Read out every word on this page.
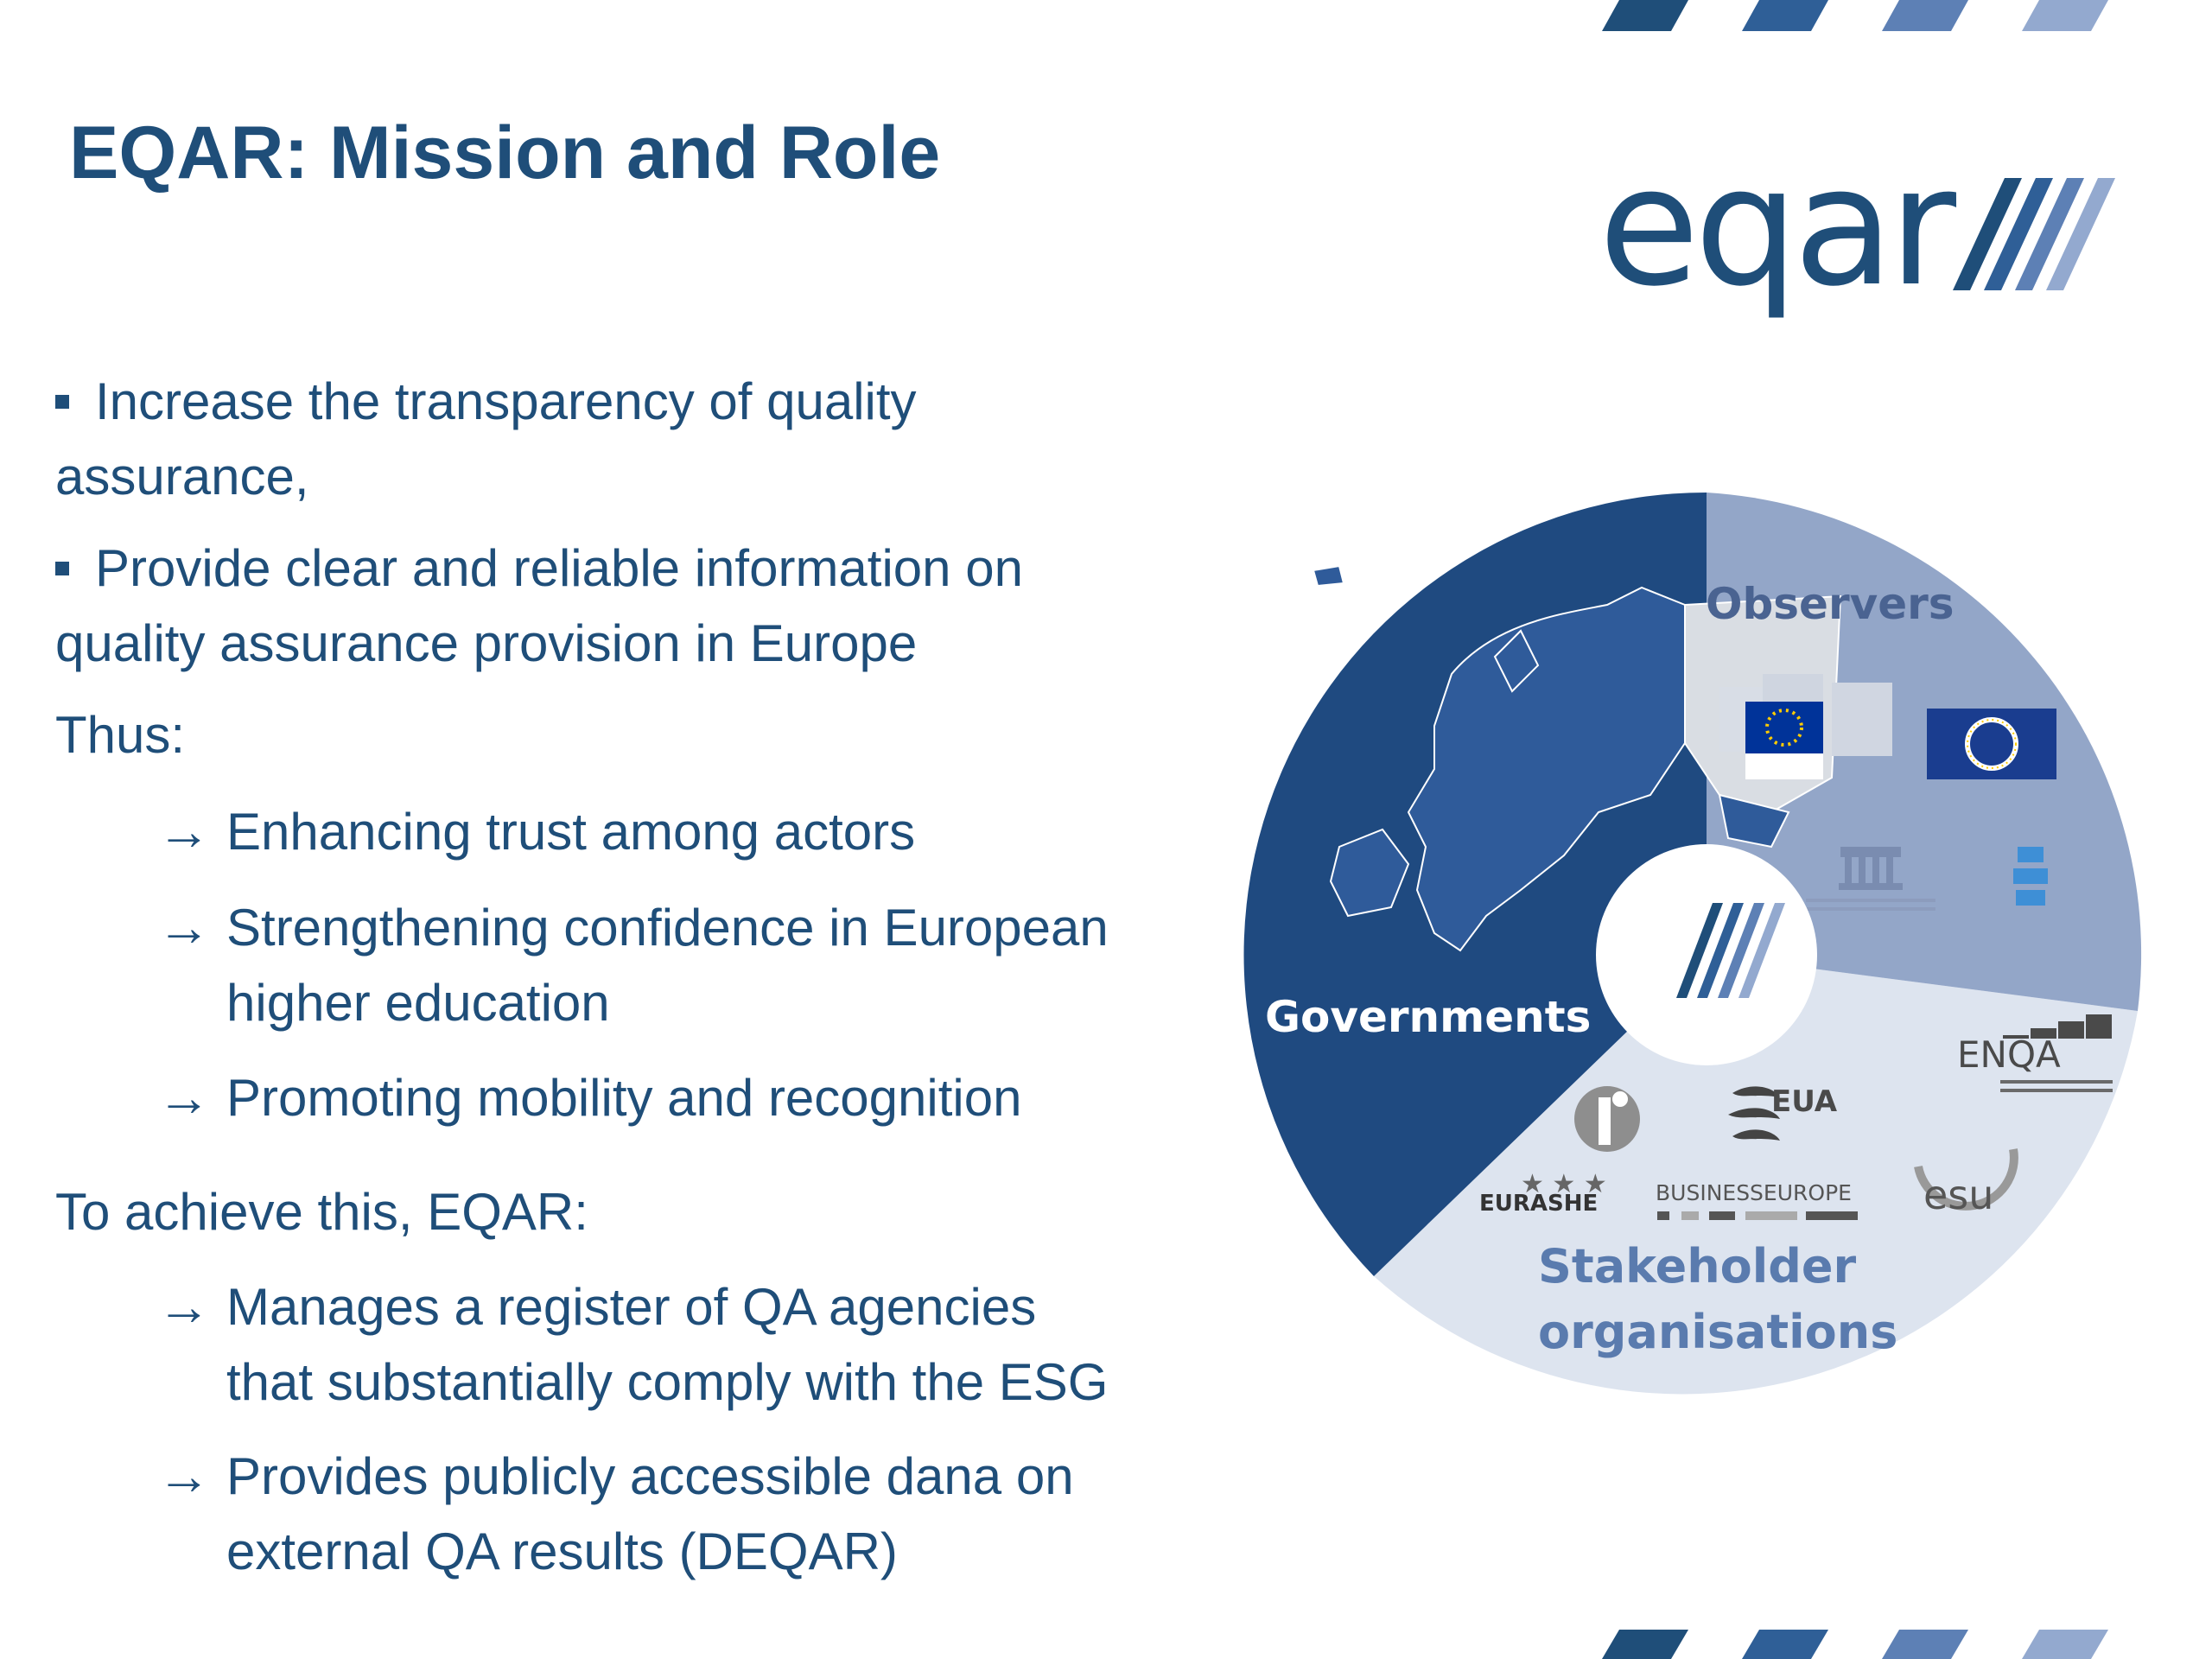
EQAR: Mission and Role	eqar
Increase the transparency of quality
assurance,
Provide clear and reliable information on
quality assurance provision in Europe
Thus:
→ Enhancing trust among actors
→ Strengthening confidence in European
higher education
→ Promoting mobility and recognition
To achieve this, EQAR:
→ Manages a register of QA agencies
that substantially comply with the ESG
→ Provides publicly accessible dana on
external QA results (DEQAR)
★ ★ ★
Governments
Observers
Stakeholder
organisations
ENQA
EUA
EURASHE	BUSINESSEUROPE esu
